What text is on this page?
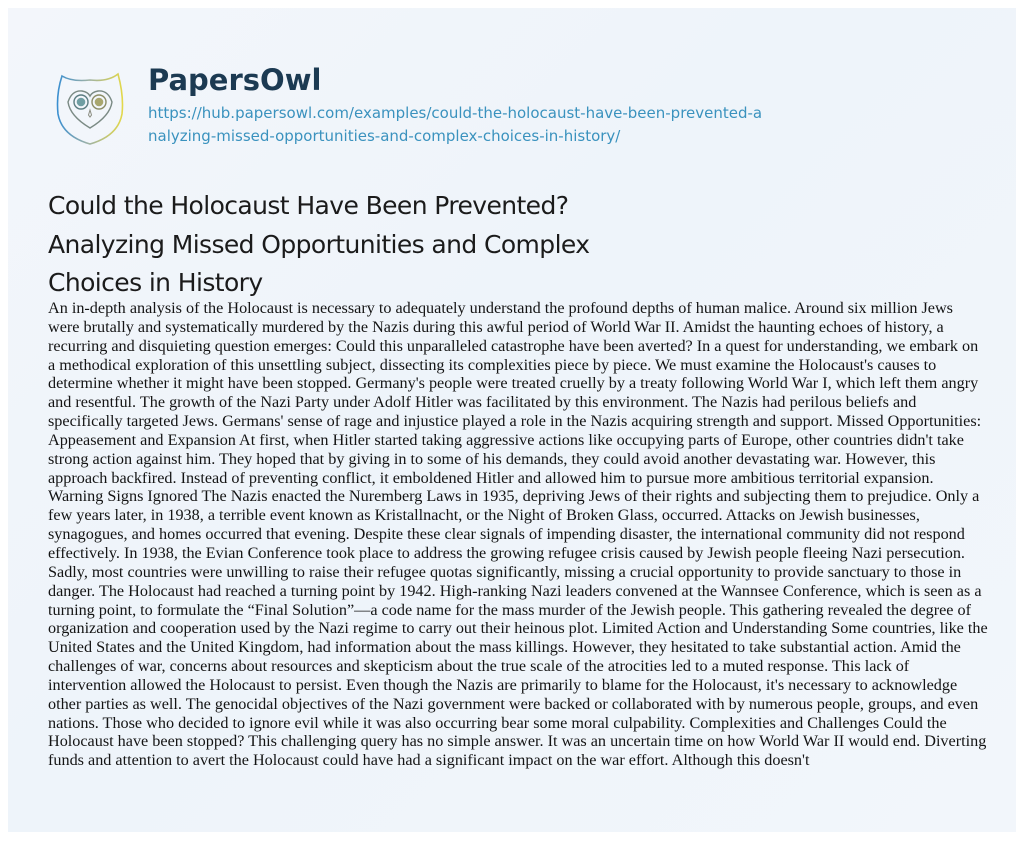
PapersOwl
https://hub.papersowl.com/examples/could-the-holocaust-have-been-prevented-analyzing-missed-opportunities-and-complex-choices-in-history/
Could the Holocaust Have Been Prevented? Analyzing Missed Opportunities and Complex Choices in History

An in-depth analysis of the Holocaust is necessary to adequately understand the profound depths of human malice. Around six million Jews were brutally and systematically murdered by the Nazis during this awful period of World War II. Amidst the haunting echoes of history, a recurring and disquieting question emerges: Could this unparalleled catastrophe have been averted? In a quest for understanding, we embark on a methodical exploration of this unsettling subject, dissecting its complexities piece by piece. We must examine the Holocaust's causes to determine whether it might have been stopped. Germany's people were treated cruelly by a treaty following World War I, which left them angry and resentful. The growth of the Nazi Party under Adolf Hitler was facilitated by this environment. The Nazis had perilous beliefs and specifically targeted Jews. Germans' sense of rage and injustice played a role in the Nazis acquiring strength and support. Missed Opportunities: Appeasement and Expansion At first, when Hitler started taking aggressive actions like occupying parts of Europe, other countries didn't take strong action against him. They hoped that by giving in to some of his demands, they could avoid another devastating war. However, this approach backfired. Instead of preventing conflict, it emboldened Hitler and allowed him to pursue more ambitious territorial expansion. Warning Signs Ignored The Nazis enacted the Nuremberg Laws in 1935, depriving Jews of their rights and subjecting them to prejudice. Only a few years later, in 1938, a terrible event known as Kristallnacht, or the Night of Broken Glass, occurred. Attacks on Jewish businesses, synagogues, and homes occurred that evening. Despite these clear signals of impending disaster, the international community did not respond effectively. In 1938, the Evian Conference took place to address the growing refugee crisis caused by Jewish people fleeing Nazi persecution. Sadly, most countries were unwilling to raise their refugee quotas significantly, missing a crucial opportunity to provide sanctuary to those in danger. The Holocaust had reached a turning point by 1942. High-ranking Nazi leaders convened at the Wannsee Conference, which is seen as a turning point, to formulate the “Final Solution”—a code name for the mass murder of the Jewish people. This gathering revealed the degree of organization and cooperation used by the Nazi regime to carry out their heinous plot. Limited Action and Understanding Some countries, like the United States and the United Kingdom, had information about the mass killings. However, they hesitated to take substantial action. Amid the challenges of war, concerns about resources and skepticism about the true scale of the atrocities led to a muted response. This lack of intervention allowed the Holocaust to persist. Even though the Nazis are primarily to blame for the Holocaust, it's necessary to acknowledge other parties as well. The genocidal objectives of the Nazi government were backed or collaborated with by numerous people, groups, and even nations. Those who decided to ignore evil while it was also occurring bear some moral culpability. Complexities and Challenges Could the Holocaust have been stopped? This challenging query has no simple answer. It was an uncertain time on how World War II would end. Diverting funds and attention to avert the Holocaust could have had a significant impact on the war effort. Although this doesn't
